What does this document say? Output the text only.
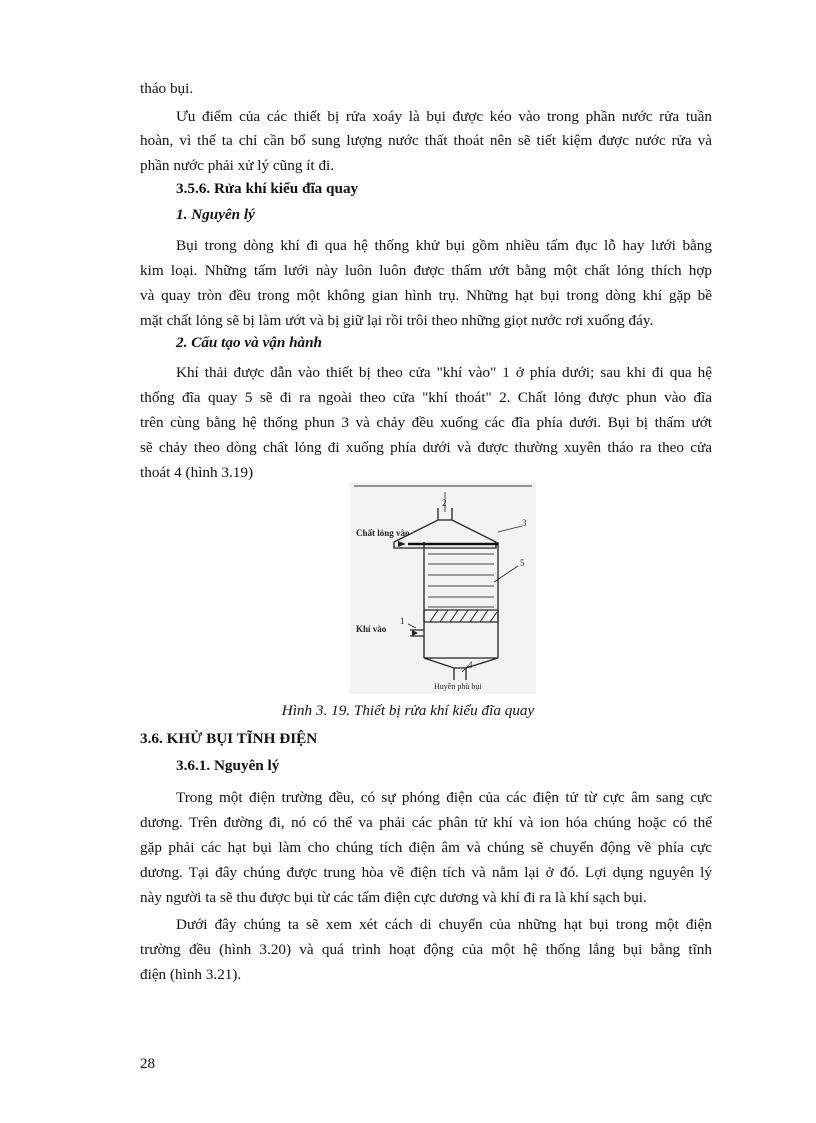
tháo bụi.
Ưu điểm của các thiết bị rửa xoáy là bụi được kéo vào trong phần nước rửa tuần
hoàn, vì thế ta chỉ cần bổ sung lượng nước thất thoát nên sẽ tiết kiệm được nước rửa và
phần nước phải xử lý cũng ít đi.
3.5.6. Rửa khí kiểu đĩa quay
1. Nguyên lý
Bụi trong dòng khí đi qua hệ thống khử bụi gồm nhiều tấm đục lỗ hay lưới bằng
kim loại. Những tấm lưới này luôn luôn được thấm ướt bằng một chất lỏng thích hợp
và quay tròn đều trong một không gian hình trụ. Những hạt bụi trong dòng khí gặp bề
mặt chất lỏng sẽ bị làm ướt và bị giữ lại rồi trôi theo những giọt nước rơi xuống đáy.
2. Cấu tạo và vận hành
Khí thải được dẫn vào thiết bị theo cửa "khí vào" 1 ở phía dưới; sau khi đi qua hệ
thống đĩa quay 5 sẽ đi ra ngoài theo cửa "khí thoát" 2. Chất lỏng được phun vào đĩa
trên cùng bằng hệ thống phun 3 và chảy đều xuống các đĩa phía dưới. Bụi bị thấm ướt
sẽ chảy theo dòng chất lỏng đi xuống phía dưới và được thường xuyên tháo ra theo cửa
thoát 4 (hình 3.19)
2
3
5
1
4
Chất lỏng vào
Khí vào
Huyền phù bụi
Hình 3. 19. Thiết bị rửa khí kiểu đĩa quay
3.6. KHỬ BỤI TĨNH ĐIỆN
3.6.1. Nguyên lý
Trong một điện trường đều, có sự phóng điện của các điện tử từ cực âm sang cực
dương. Trên đường đi, nó có thể va phải các phân tử khí và ion hóa chúng hoặc có thể
gặp phải các hạt bụi làm cho chúng tích điện âm và chúng sẽ chuyển động về phía cực
dương. Tại đây chúng được trung hòa về điện tích và nằm lại ở đó. Lợi dụng nguyên lý
này người ta sẽ thu được bụi từ các tấm điện cực dương và khí đi ra là khí sạch bụi.
Dưới đây chúng ta sẽ xem xét cách di chuyển của những hạt bụi trong một điện
trường đều (hình 3.20) và quá trình hoạt động của một hệ thống lắng bụi bằng tĩnh
điện (hình 3.21).
28
